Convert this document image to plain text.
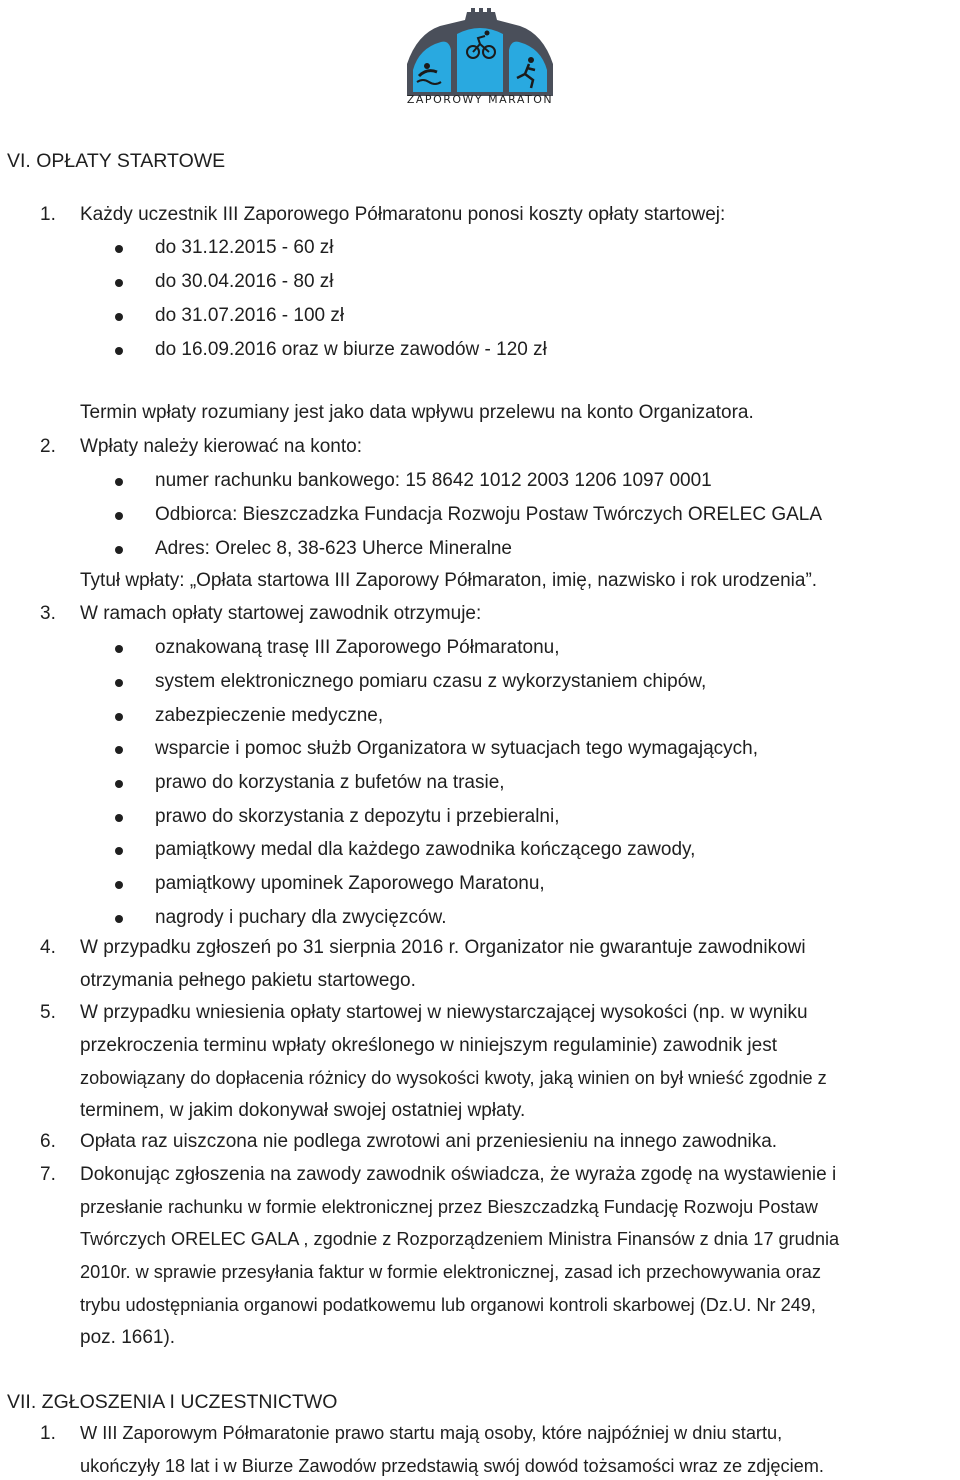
ZAPOROWY MARATON
VI. OPŁATY STARTOWE
1. Każdy uczestnik III Zaporowego Półmaratonu ponosi koszty opłaty startowej:
do 31.12.2015 - 60 zł
do 30.04.2016 - 80 zł
do 31.07.2016 - 100 zł
do 16.09.2016 oraz w biurze zawodów - 120 zł
Termin wpłaty rozumiany jest jako data wpływu przelewu na konto Organizatora.
2. Wpłaty należy kierować na konto:
numer rachunku bankowego: 15 8642 1012 2003 1206 1097 0001
Odbiorca: Bieszczadzka Fundacja Rozwoju Postaw Twórczych ORELEC GALA
Adres: Orelec 8, 38-623 Uherce Mineralne
Tytuł wpłaty: „Opłata startowa III Zaporowy Półmaraton, imię, nazwisko i rok urodzenia”.
3. W ramach opłaty startowej zawodnik otrzymuje:
oznakowaną trasę III Zaporowego Półmaratonu,
system elektronicznego pomiaru czasu z wykorzystaniem chipów,
zabezpieczenie medyczne,
wsparcie i pomoc służb Organizatora w sytuacjach tego wymagających,
prawo do korzystania z bufetów na trasie,
prawo do skorzystania z depozytu i przebieralni,
pamiątkowy medal dla każdego zawodnika kończącego zawody,
pamiątkowy upominek Zaporowego Maratonu,
nagrody i puchary dla zwycięzców.
4. W przypadku zgłoszeń po 31 sierpnia 2016 r. Organizator nie gwarantuje zawodnikowi
otrzymania pełnego pakietu startowego.
5. W przypadku wniesienia opłaty startowej w niewystarczającej wysokości (np. w wyniku
przekroczenia terminu wpłaty określonego w niniejszym regulaminie) zawodnik jest
zobowiązany do dopłacenia różnicy do wysokości kwoty, jaką winien on był wnieść zgodnie z
terminem, w jakim dokonywał swojej ostatniej wpłaty.
6. Opłata raz uiszczona nie podlega zwrotowi ani przeniesieniu na innego zawodnika.
7. Dokonując zgłoszenia na zawody zawodnik oświadcza, że wyraża zgodę na wystawienie i
przesłanie rachunku w formie elektronicznej przez Bieszczadzką Fundację Rozwoju Postaw
Twórczych ORELEC GALA , zgodnie z Rozporządzeniem Ministra Finansów z dnia 17 grudnia
2010r. w sprawie przesyłania faktur w formie elektronicznej, zasad ich przechowywania oraz
trybu udostępniania organowi podatkowemu lub organowi kontroli skarbowej (Dz.U. Nr 249,
poz. 1661).
VII. ZGŁOSZENIA I UCZESTNICTWO
1. W III Zaporowym Półmaratonie prawo startu mają osoby, które najpóźniej w dniu startu,
ukończyły 18 lat i w Biurze Zawodów przedstawią swój dowód tożsamości wraz ze zdjęciem.
